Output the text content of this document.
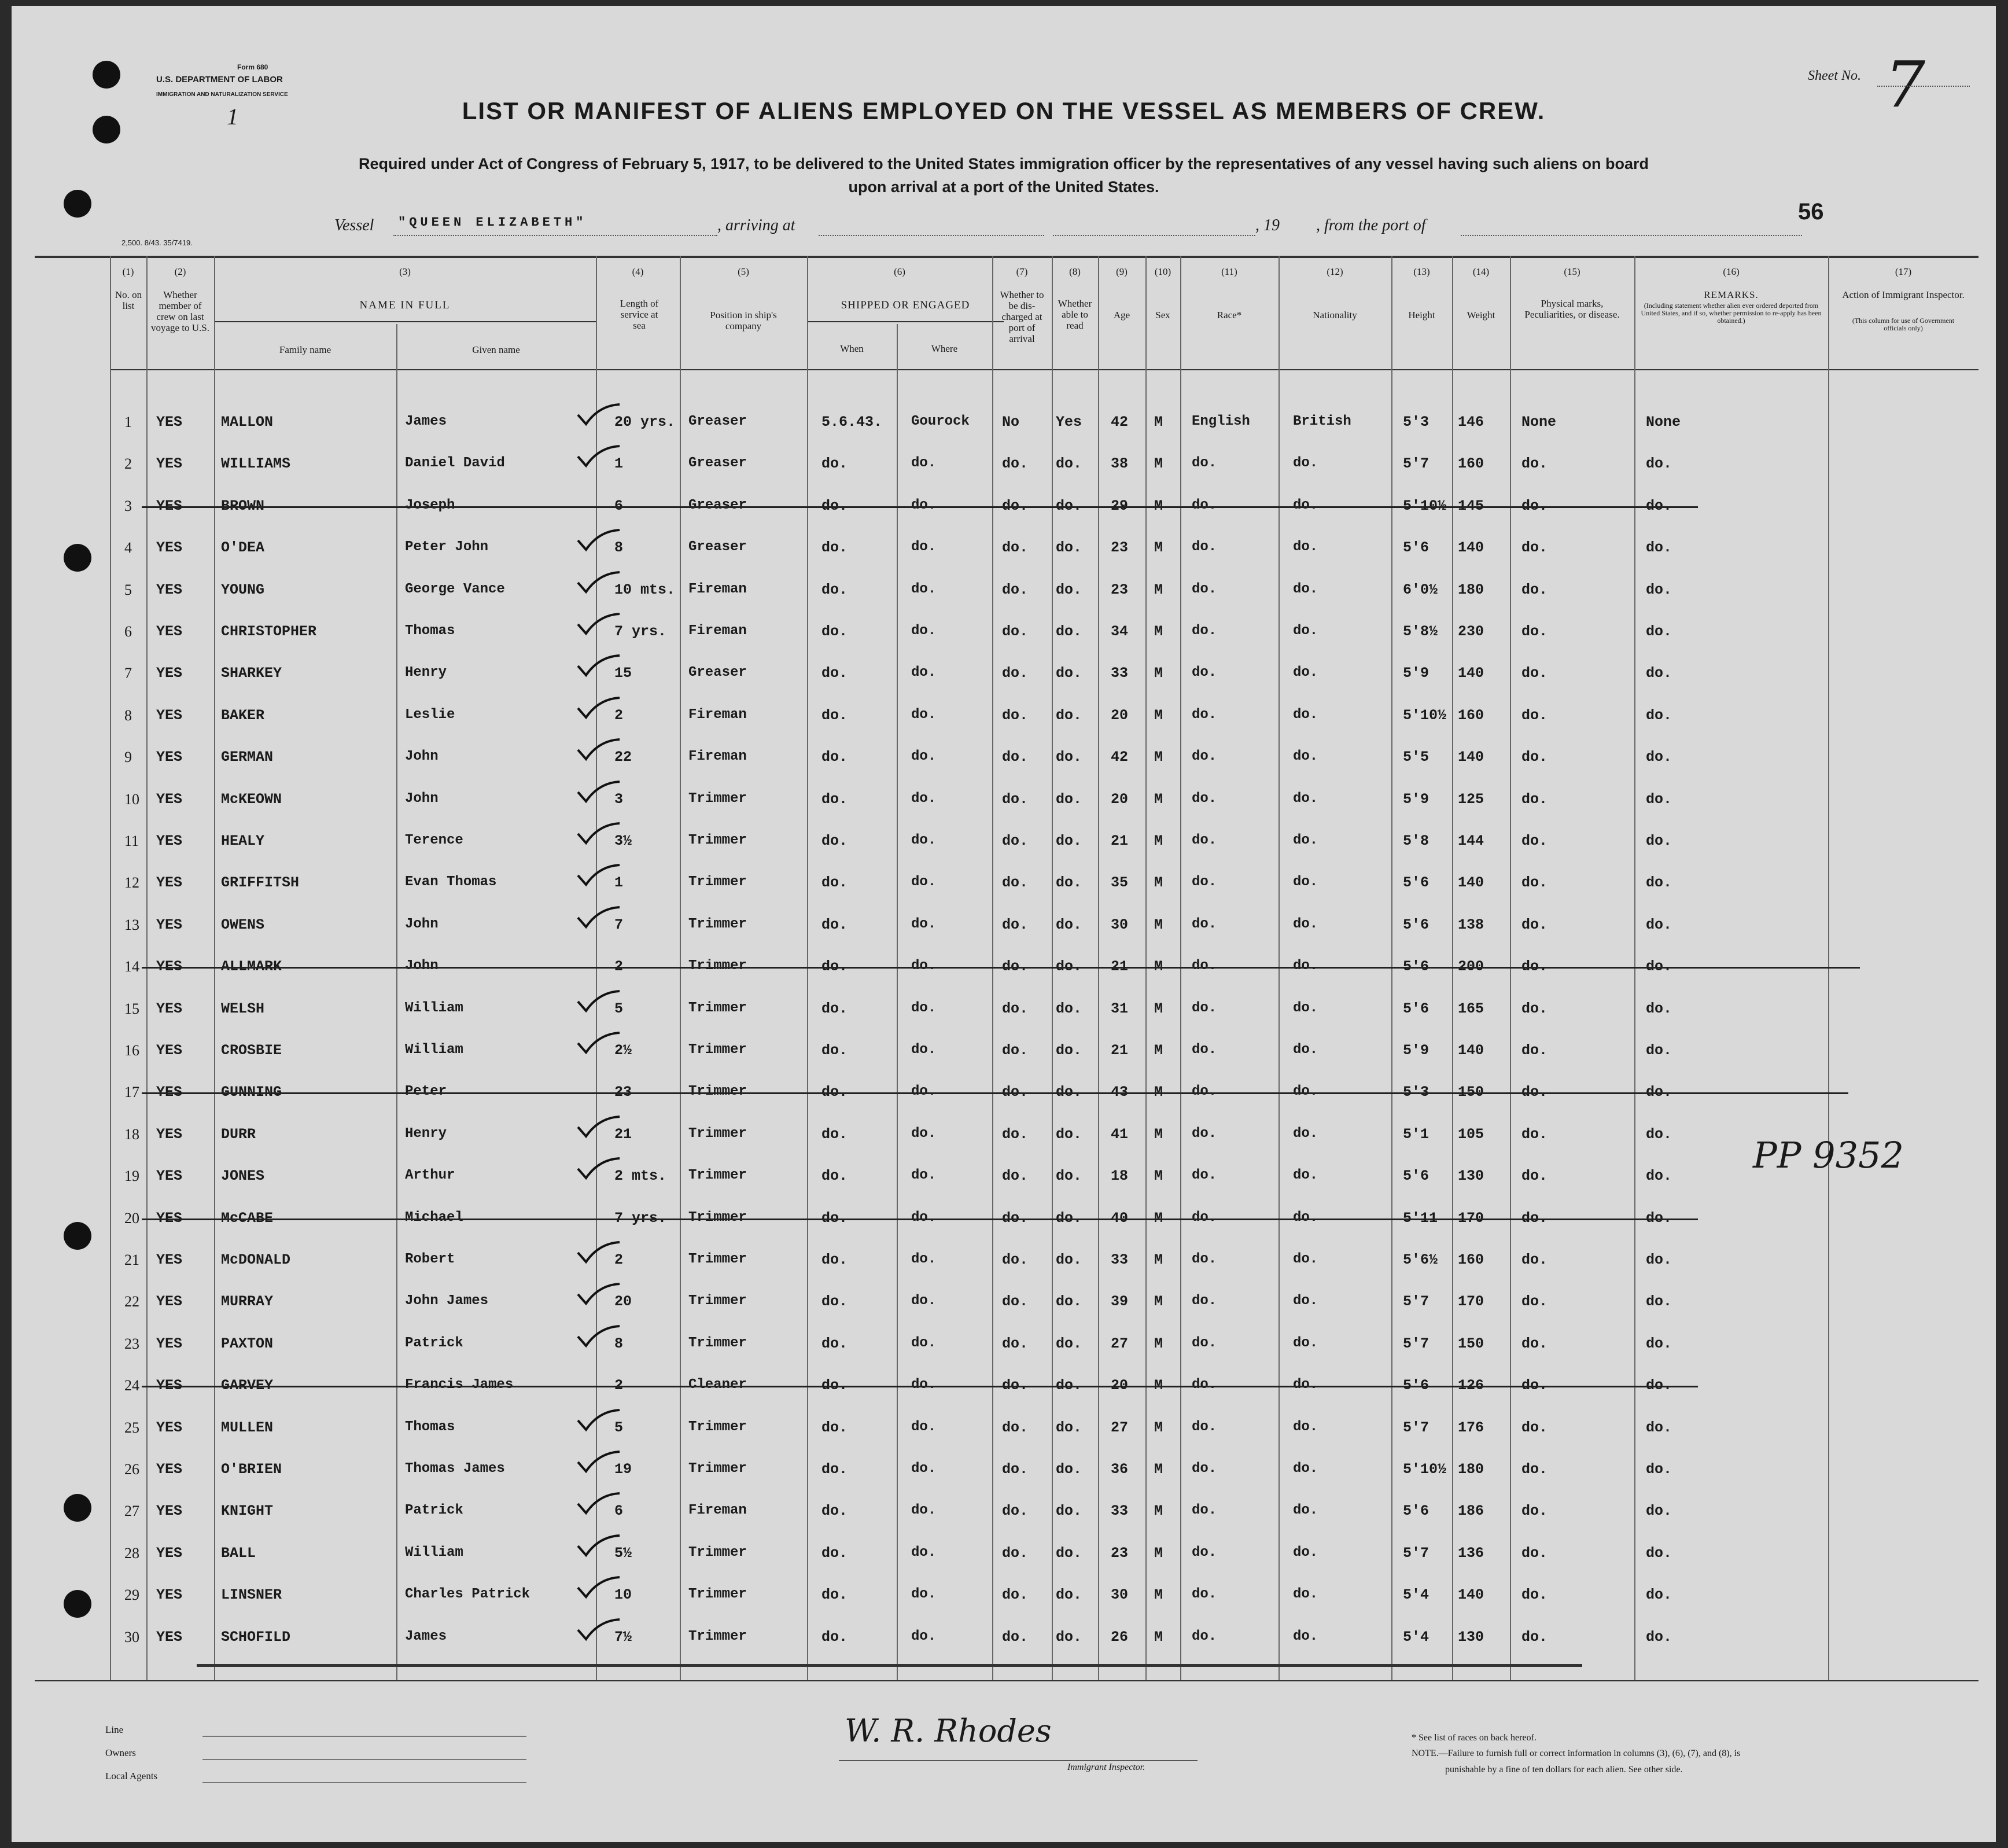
Form 680
U.S. DEPARTMENT OF LABOR
IMMIGRATION AND NATURALIZATION SERVICE
1
2,500. 8/43. 35/7419.
Sheet No. 7
56
LIST OR MANIFEST OF ALIENS EMPLOYED ON THE VESSEL AS MEMBERS OF CREW.
Required under Act of Congress of February 5, 1917, to be delivered to the United States immigration officer by the representatives of any vessel having such aliens on board
upon arrival at a port of the United States.
Vessel "QUEEN ELIZABETH"	, arriving at	, 19 , from the port of
(1)
No. on list
(2)
Whether member of crew on last voyage to U.S.
(3)
NAME IN FULL
Family name	Given name
(4)
Length of service at sea
(5)
Position in ship's company
(6)
SHIPPED OR ENGAGED
When	Where
(7)
Whether to be dis-charged at port of arrival
(8)
Whether able to read
(9)
Age
(10)
Sex
(11)
Race*
(12)
Nationality
(13)
Height
(14)
Weight
(15)
Physical marks, Peculiarities, or disease.
(16)
REMARKS.
(Including statement whether alien ever ordered deported from United States, and if so, whether permission to re-apply has been obtained.)
(17)
Action of Immigrant Inspector.
(This column for use of Government officials only)
1 YES	MALLON	James	20 yrs. Greaser	5.6.43. Gourock No	Yes 42 M English	British	5'3 146	None	None
2 YES	WILLIAMS	Daniel David	1	Greaser	do.	do.	do. do. 38 M do.	do.	5'7 160	do.	do.
3 YES	BROWN	Joseph	6	Greaser	do.	do.	do. do. 29 M do.	do.	5'10½ 145	do.	do.
4 YES	O'DEA	Peter John	8	Greaser	do.	do.	do. do. 23 M do.	do.	5'6 140	do.	do.
5 YES	YOUNG	George Vance	10 mts. Fireman	do.	do.	do. do. 23 M do.	do.	6'0½ 180	do.	do.
6 YES	CHRISTOPHER	Thomas	7 yrs. Fireman	do.	do.	do. do. 34 M do.	do.	5'8½ 230	do.	do.
7 YES	SHARKEY	Henry	15	Greaser	do.	do.	do. do. 33 M do.	do.	5'9 140	do.	do.
8 YES	BAKER	Leslie	2	Fireman	do.	do.	do. do. 20 M do.	do.	5'10½ 160	do.	do.
9 YES	GERMAN	John	22	Fireman	do.	do.	do. do. 42 M do.	do.	5'5 140	do.	do.
10 YES	McKEOWN	John	3	Trimmer	do.	do.	do. do. 20 M do.	do.	5'9 125	do.	do.
11 YES	HEALY	Terence	3½	Trimmer	do.	do.	do. do. 21 M do.	do.	5'8 144	do.	do.
12 YES	GRIFFITSH	Evan Thomas	1	Trimmer	do.	do.	do. do. 35 M do.	do.	5'6 140	do.	do.
13 YES	OWENS	John	7	Trimmer	do.	do.	do. do. 30 M do.	do.	5'6 138	do.	do.
14 YES	ALLMARK	John	2	Trimmer	do.	do.	do. do. 21 M do.	do.	5'6 200	do.	do.
15 YES	WELSH	William	5	Trimmer	do.	do.	do. do. 31 M do.	do.	5'6 165	do.	do.
16 YES	CROSBIE	William	2½	Trimmer	do.	do.	do. do. 21 M do.	do.	5'9 140	do.	do.
17 YES	GUNNING	Peter	23	Trimmer	do.	do.	do. do. 43 M do.	do.	5'3 150	do.	do.
18 YES	DURR	Henry	21	Trimmer	do.	do.	do. do. 41 M do.	do.	5'1 105	do.	do.
19 YES	JONES	Arthur	2 mts. Trimmer	do.	do.	do. do. 18 M do.	do.	5'6 130	do.	do.
20 YES	McCABE	Michael	7 yrs. Trimmer	do.	do.	do. do. 40 M do.	do.	5'11 170	do.	do.
21 YES	McDONALD	Robert	2	Trimmer	do.	do.	do. do. 33 M do.	do.	5'6½ 160	do.	do.
22 YES	MURRAY	John James	20	Trimmer	do.	do.	do. do. 39 M do.	do.	5'7 170	do.	do.
23 YES	PAXTON	Patrick	8	Trimmer	do.	do.	do. do. 27 M do.	do.	5'7 150	do.	do.
24 YES	GARVEY	Francis James	2	Cleaner	do.	do.	do. do. 20 M do.	do.	5'6 126	do.	do.
25 YES	MULLEN	Thomas	5	Trimmer	do.	do.	do. do. 27 M do.	do.	5'7 176	do.	do.
26 YES	O'BRIEN	Thomas James	19	Trimmer	do.	do.	do. do. 36 M do.	do.	5'10½ 180	do.	do.
27 YES	KNIGHT	Patrick	6	Fireman	do.	do.	do. do. 33 M do.	do.	5'6 186	do.	do.
28 YES	BALL	William	5½	Trimmer	do.	do.	do. do. 23 M do.	do.	5'7 136	do.	do.
29 YES	LINSNER	Charles Patrick	10	Trimmer	do.	do.	do. do. 30 M do.	do.	5'4 140	do.	do.
30 YES	SCHOFILD	James	7½	Trimmer	do.	do.	do. do. 26 M do.	do.	5'4 130	do.	do.
PP 9352
Line
Owners
Local Agents
W. R. Rhodes
Immigrant Inspector.
* See list of races on back hereof.
NOTE.—Failure to furnish full or correct information in columns (3), (6), (7), and (8), is
punishable by a fine of ten dollars for each alien. See other side.
